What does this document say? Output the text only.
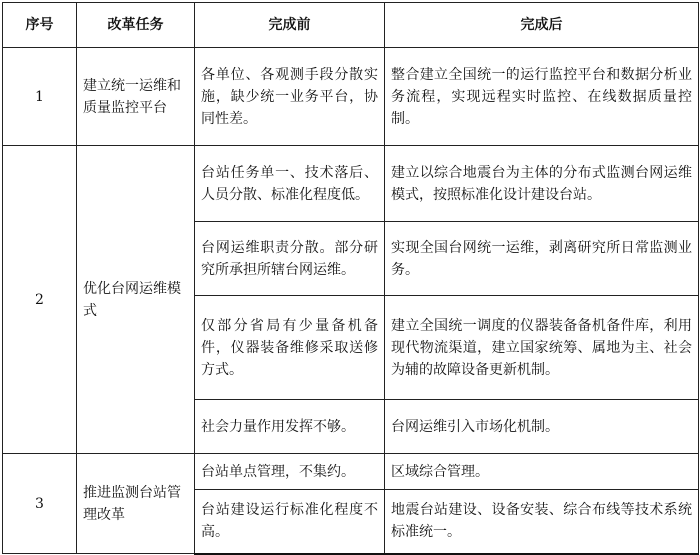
序号	改革任务	完成前	完成后
1	建立统一运维和质量监控平台	各单位、各观测手段分散实施，缺少统一业务平台，协同性差。	整合建立全国统一的运行监控平台和数据分析业务流程，实现远程实时监控、在线数据质量控制。
2	优化台网运维模式	台站任务单一、技术落后、人员分散、标准化程度低。	建立以综合地震台为主体的分布式监测台网运维模式，按照标准化设计建设台站。
		台网运维职责分散。部分研究所承担所辖台网运维。	实现全国台网统一运维，剥离研究所日常监测业务。
		仅部分省局有少量备机备件，仪器装备维修采取送修方式。	建立全国统一调度的仪器装备备机备件库，利用现代物流渠道，建立国家统筹、属地为主、社会为辅的故障设备更新机制。
		社会力量作用发挥不够。	台网运维引入市场化机制。
3	推进监测台站管理改革	台站单点管理，不集约。	区域综合管理。
		台站建设运行标准化程度不高。	地震台站建设、设备安装、综合布线等技术系统标准统一。
